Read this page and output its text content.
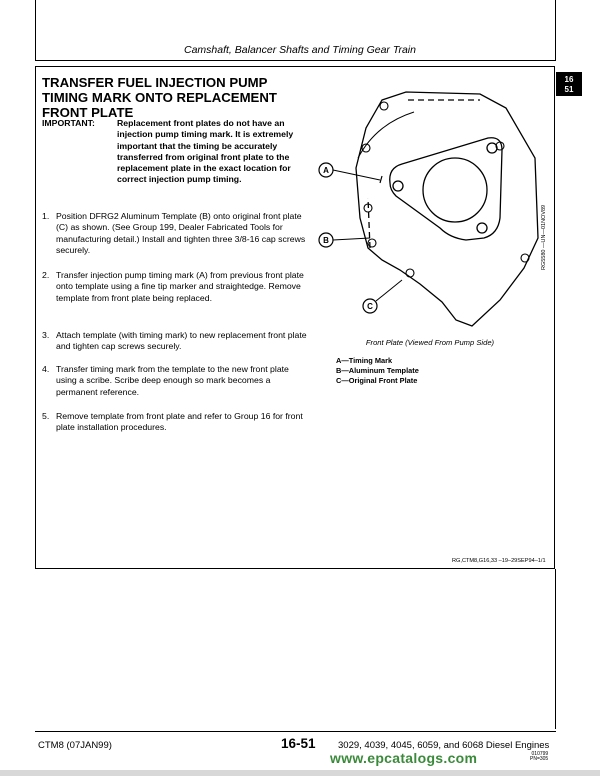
Camshaft, Balancer Shafts and Timing Gear Train
16
51
TRANSFER FUEL INJECTION PUMP TIMING MARK ONTO REPLACEMENT FRONT PLATE
IMPORTANT:	Replacement front plates do not have an injection pump timing mark. It is extremely important that the timing be accurately transferred from original front plate to the replacement plate in the exact location for correct injection pump timing.
1. Position DFRG2 Aluminum Template (B) onto original front plate (C) as shown. (See Group 199, Dealer Fabricated Tools for manufacturing detail.) Install and tighten three 3/8-16 cap screws securely.
2. Transfer injection pump timing mark (A) from previous front plate onto template using a fine tip marker and straightedge. Remove template from front plate being replaced.
3. Attach template (with timing mark) to new replacement front plate and tighten cap screws securely.
4. Transfer timing mark from the template to the new front plate using a scribe. Scribe deep enough so mark becomes a permanent reference.
5. Remove template from front plate and refer to Group 16 for front plate installation procedures.
A
B
C
RG5580 —UN—01NOV89
Front Plate (Viewed From Pump Side)
A—Timing Mark
B—Aluminum Template
C—Original Front Plate
RG,CTM8,G16,33 –19–29SEP94–1/1
CTM8 (07JAN99)	16-51 3029, 4039, 4045, 6059, and 6068 Diesel Engines
010799
PN=305
www.epcatalogs.com
